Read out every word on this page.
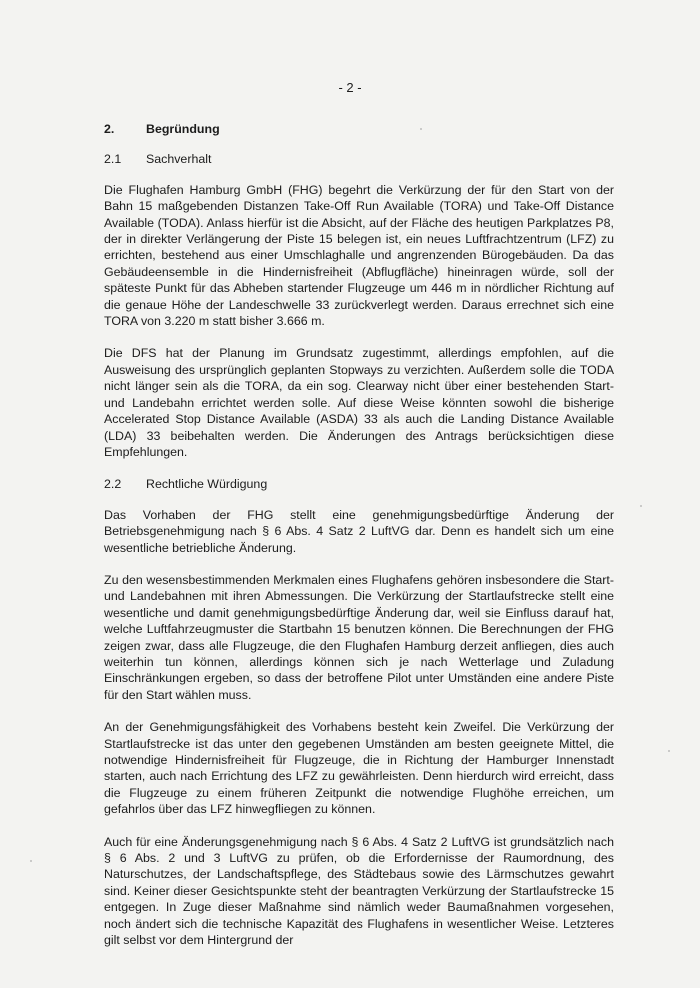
- 2 -
2.	Begründung
2.1	Sachverhalt

Die Flughafen Hamburg GmbH (FHG) begehrt die Verkürzung der für den Start von der Bahn 15 maßgebenden Distanzen Take-Off Run Available (TORA) und Take-Off Distance Available (TODA). Anlass hierfür ist die Absicht, auf der Fläche des heutigen Parkplatzes P8, der in direkter Verlängerung der Piste 15 belegen ist, ein neues Luftfrachtzentrum (LFZ) zu errichten, bestehend aus einer Umschlaghalle und angrenzenden Bürogebäuden. Da das Gebäudeensemble in die Hindernisfreiheit (Abflugfläche) hineinragen würde, soll der späteste Punkt für das Abheben startender Flugzeuge um 446 m in nördlicher Richtung auf die genaue Höhe der Landeschwelle 33 zurückverlegt werden. Daraus errechnet sich eine TORA von 3.220 m statt bisher 3.666 m.

Die DFS hat der Planung im Grundsatz zugestimmt, allerdings empfohlen, auf die Ausweisung des ursprünglich geplanten Stopways zu verzichten. Außerdem solle die TODA nicht länger sein als die TORA, da ein sog. Clearway nicht über einer bestehenden Start- und Landebahn errichtet werden solle. Auf diese Weise könnten sowohl die bisherige Accelerated Stop Distance Available (ASDA) 33 als auch die Landing Distance Available (LDA) 33 beibehalten werden. Die Änderungen des Antrags berücksichtigen diese Empfehlungen.

2.2	Rechtliche Würdigung

Das Vorhaben der FHG stellt eine genehmigungsbedürftige Änderung der Betriebsgenehmigung nach § 6 Abs. 4 Satz 2 LuftVG dar. Denn es handelt sich um eine wesentliche betriebliche Änderung.

Zu den wesensbestimmenden Merkmalen eines Flughafens gehören insbesondere die Start- und Landebahnen mit ihren Abmessungen. Die Verkürzung der Startlaufstrecke stellt eine wesentliche und damit genehmigungsbedürftige Änderung dar, weil sie Einfluss darauf hat, welche Luftfahrzeugmuster die Startbahn 15 benutzen können. Die Berechnungen der FHG zeigen zwar, dass alle Flugzeuge, die den Flughafen Hamburg derzeit anfliegen, dies auch weiterhin tun können, allerdings können sich je nach Wetterlage und Zuladung Einschränkungen ergeben, so dass der betroffene Pilot unter Umständen eine andere Piste für den Start wählen muss.

An der Genehmigungsfähigkeit des Vorhabens besteht kein Zweifel. Die Verkürzung der Startlaufstrecke ist das unter den gegebenen Umständen am besten geeignete Mittel, die notwendige Hindernisfreiheit für Flugzeuge, die in Richtung der Hamburger Innenstadt starten, auch nach Errichtung des LFZ zu gewährleisten. Denn hierdurch wird erreicht, dass die Flugzeuge zu einem früheren Zeitpunkt die notwendige Flughöhe erreichen, um gefahrlos über das LFZ hinwegfliegen zu können.

Auch für eine Änderungsgenehmigung nach § 6 Abs. 4 Satz 2 LuftVG ist grundsätzlich nach § 6 Abs. 2 und 3 LuftVG zu prüfen, ob die Erfordernisse der Raumordnung, des Naturschutzes, der Landschaftspflege, des Städtebaus sowie des Lärmschutzes gewahrt sind. Keiner dieser Gesichtspunkte steht der beantragten Verkürzung der Startlaufstrecke 15 entgegen. In Zuge dieser Maßnahme sind nämlich weder Baumaßnahmen vorgesehen, noch ändert sich die technische Kapazität des Flughafens in wesentlicher Weise. Letzteres gilt selbst vor dem Hintergrund der
